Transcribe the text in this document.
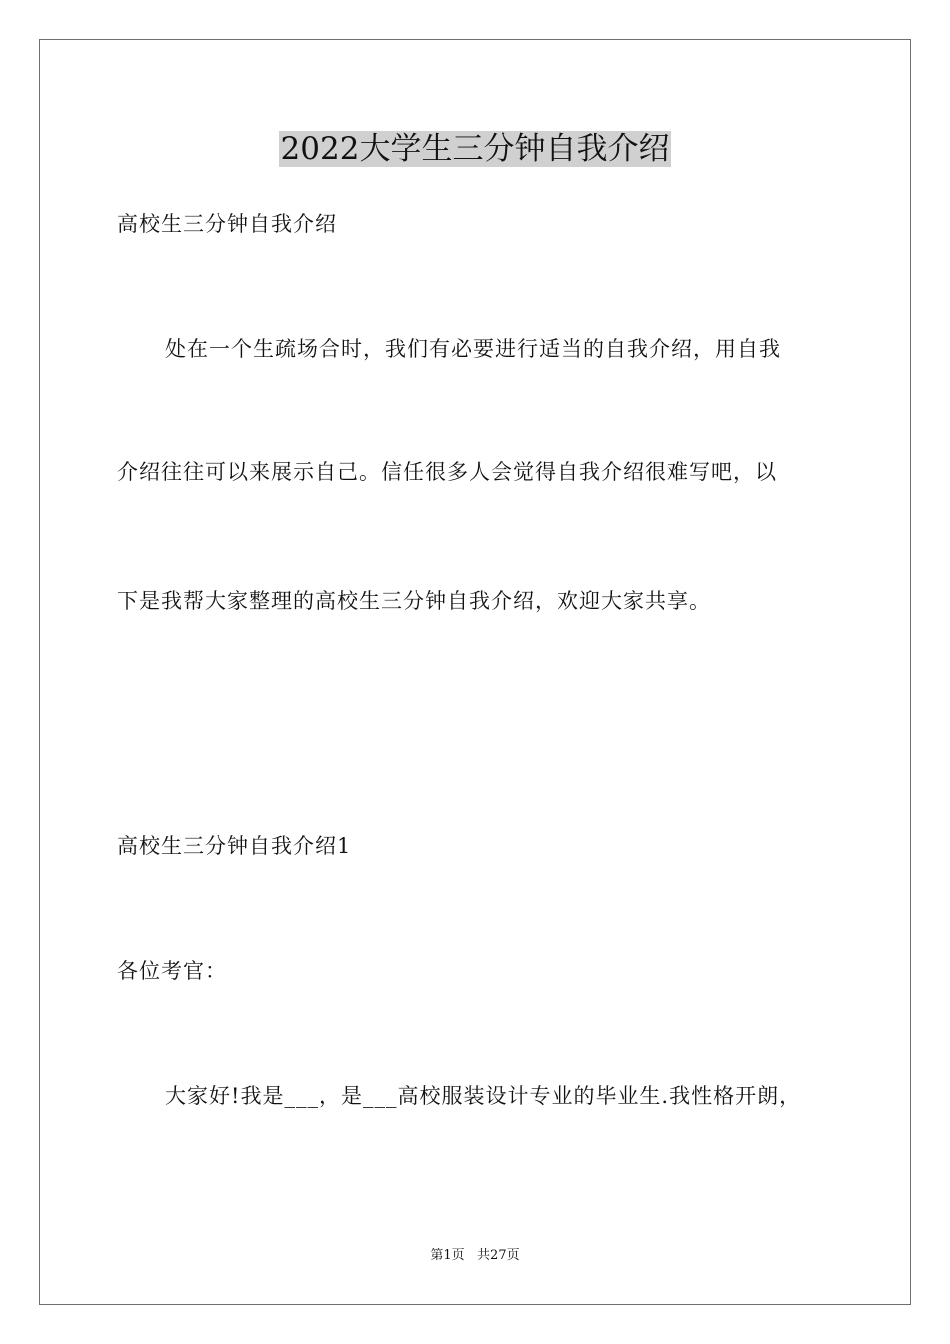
2022大学生三分钟自我介绍

高校生三分钟自我介绍

处在一个生疏场合时，我们有必要进行适当的自我介绍，用自我

介绍往往可以来展示自己。信任很多人会觉得自我介绍很难写吧，以

下是我帮大家整理的高校生三分钟自我介绍，欢迎大家共享。

高校生三分钟自我介绍1

各位考官：

大家好!我是___，是___高校服装设计专业的毕业生.我性格开朗，

第1页   共27页
